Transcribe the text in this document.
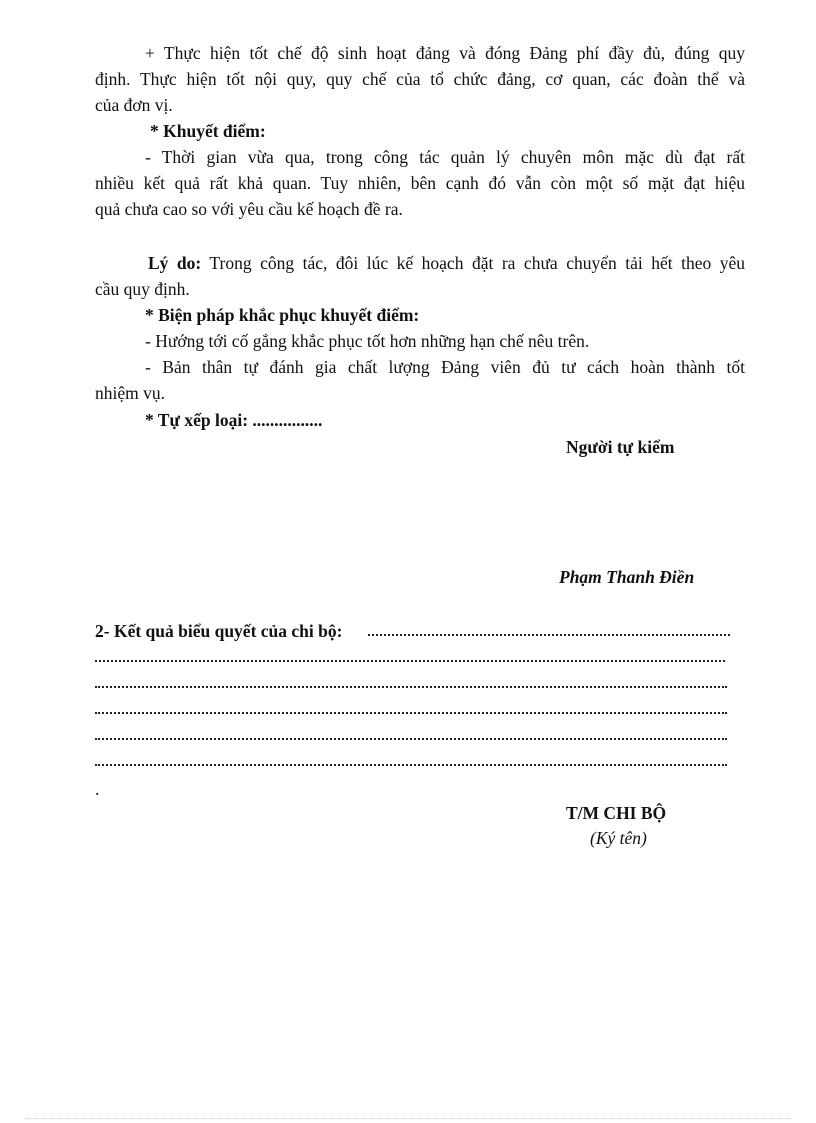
+ Thực hiện tốt chế độ sinh hoạt đảng và đóng Đảng phí đầy đủ, đúng quy
định. Thực hiện tốt nội quy, quy chế của tổ chức đảng, cơ quan, các đoàn thể và
của đơn vị.
* Khuyết điểm:
- Thời gian vừa qua, trong công tác quản lý chuyên môn mặc dù đạt rất
nhiều kết quả rất khả quan. Tuy nhiên, bên cạnh đó vẫn còn một số mặt đạt hiệu
quả chưa cao so với yêu cầu kế hoạch đề ra.
Lý do: Trong công tác, đôi lúc kế hoạch đặt ra chưa chuyển tải hết theo yêu
cầu quy định.
* Biện pháp khắc phục khuyết điểm:
- Hướng tới cố gắng khắc phục tốt hơn những hạn chế nêu trên.
- Bản thân tự đánh gia chất lượng Đảng viên đủ tư cách hoàn thành tốt
nhiệm vụ.
* Tự xếp loại: ................
Người tự kiểm
Phạm Thanh Điền
2- Kết quả biểu quyết của chi bộ:
.
T/M CHI BỘ
(Ký tên)
